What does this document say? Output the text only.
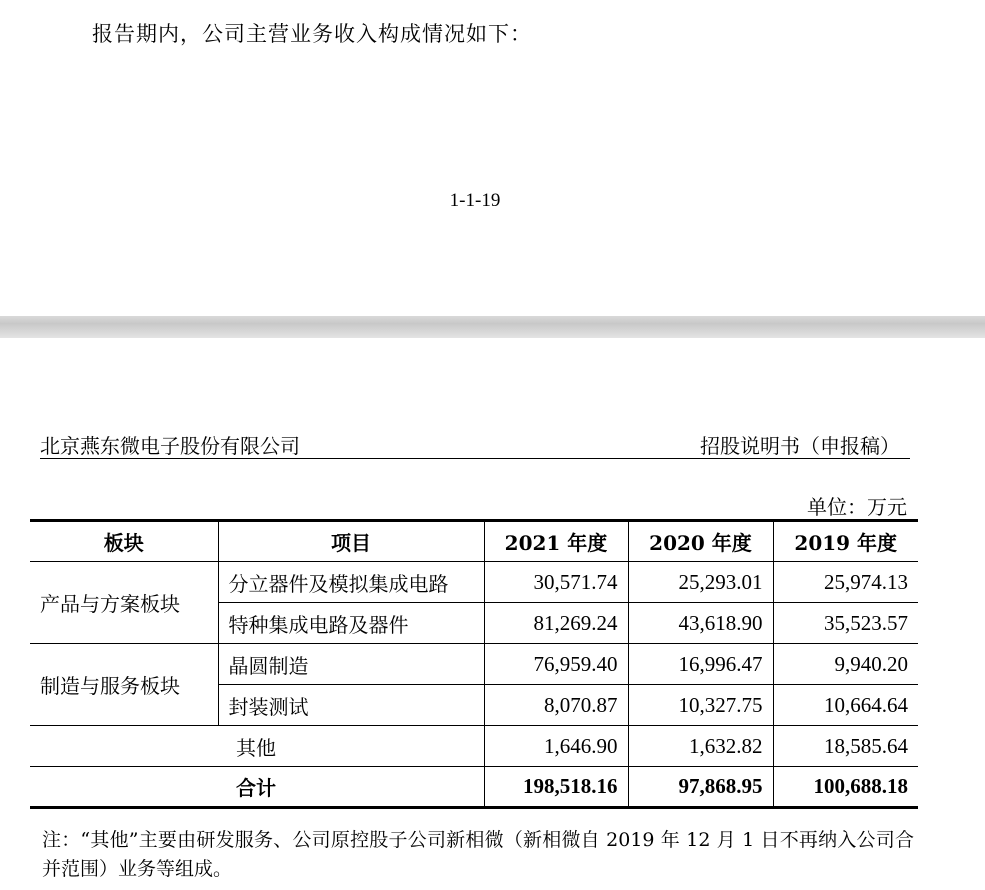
报告期内，公司主营业务收入构成情况如下：
1-1-19
北京燕东微电子股份有限公司	招股说明书（申报稿）
单位：万元
板块	项目	2021 年度	2020 年度	2019 年度
产品与方案板块	分立器件及模拟集成电路	30,571.74	25,293.01	25,974.13
	特种集成电路及器件	81,269.24	43,618.90	35,523.57
制造与服务板块	晶圆制造	76,959.40	16,996.47	9,940.20
	封装测试	8,070.87	10,327.75	10,664.64
其他		1,646.90	1,632.82	18,585.64
合计		198,518.16	97,868.95	100,688.18
注：“其他”主要由研发服务、公司原控股子公司新相微（新相微自 2019 年 12 月 1 日不再纳入公司合并范围）业务等组成。
